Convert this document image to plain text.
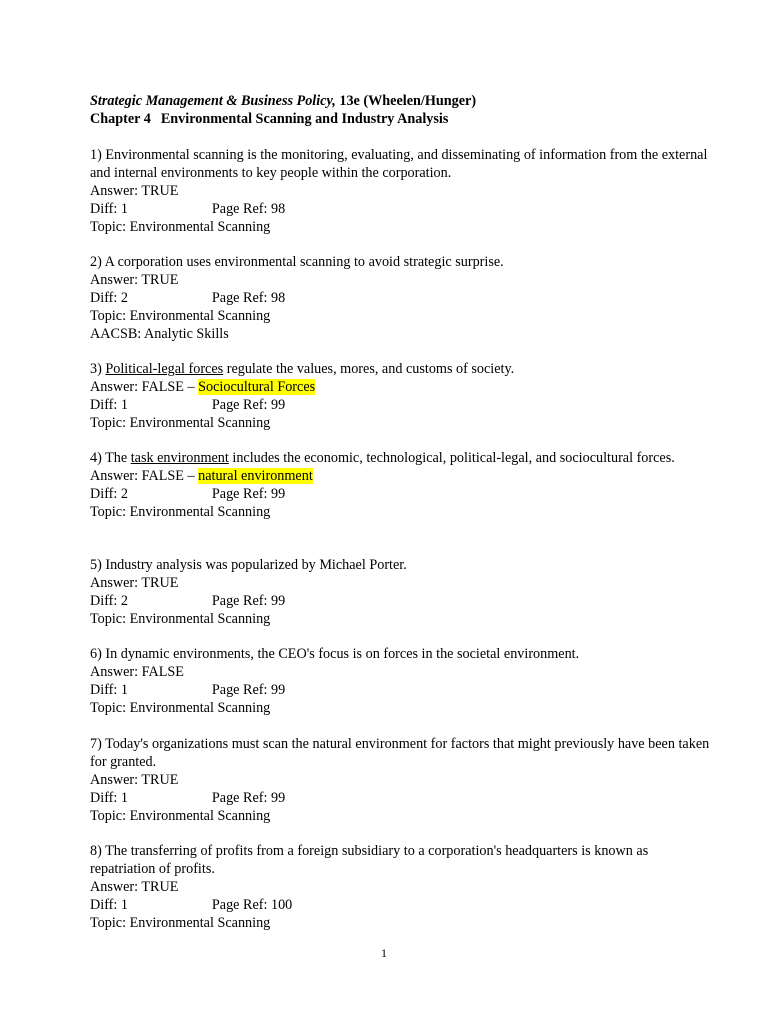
Strategic Management & Business Policy, 13e (Wheelen/Hunger)
Chapter 4 Environmental Scanning and Industry Analysis
1) Environmental scanning is the monitoring, evaluating, and disseminating of information from the external and internal environments to key people within the corporation.
Answer: TRUE
Diff: 1	Page Ref: 98
Topic: Environmental Scanning
2) A corporation uses environmental scanning to avoid strategic surprise.
Answer: TRUE
Diff: 2	Page Ref: 98
Topic: Environmental Scanning
AACSB: Analytic Skills
3) Political-legal forces regulate the values, mores, and customs of society.
Answer: FALSE – Sociocultural Forces
Diff: 1	Page Ref: 99
Topic: Environmental Scanning
4) The task environment includes the economic, technological, political-legal, and sociocultural forces.
Answer: FALSE – natural environment
Diff: 2	Page Ref: 99
Topic: Environmental Scanning
5) Industry analysis was popularized by Michael Porter.
Answer: TRUE
Diff: 2	Page Ref: 99
Topic: Environmental Scanning
6) In dynamic environments, the CEO's focus is on forces in the societal environment.
Answer: FALSE
Diff: 1	Page Ref: 99
Topic: Environmental Scanning
7) Today's organizations must scan the natural environment for factors that might previously have been taken for granted.
Answer: TRUE
Diff: 1	Page Ref: 99
Topic: Environmental Scanning
8) The transferring of profits from a foreign subsidiary to a corporation's headquarters is known as repatriation of profits.
Answer: TRUE
Diff: 1	Page Ref: 100
Topic: Environmental Scanning
1
